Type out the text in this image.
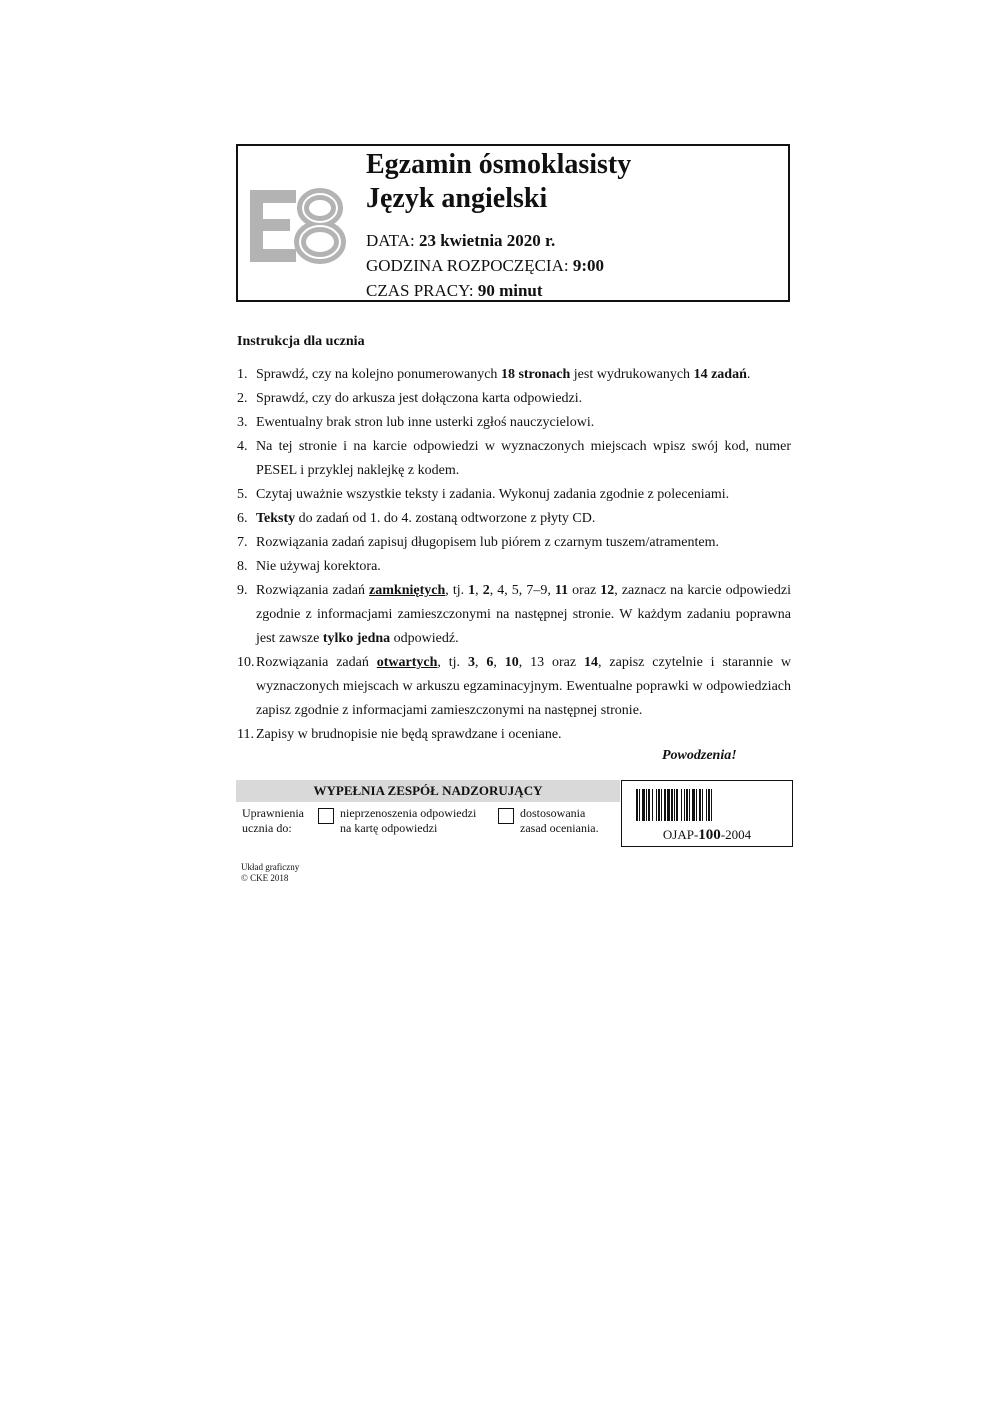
Egzamin ósmoklasisty
Język angielski
DATA: 23 kwietnia 2020 r.
GODZINA ROZPOCZĘCIA: 9:00
CZAS PRACY: 90 minut
Instrukcja dla ucznia
1. Sprawdź, czy na kolejno ponumerowanych 18 stronach jest wydrukowanych 14 zadań.
2. Sprawdź, czy do arkusza jest dołączona karta odpowiedzi.
3. Ewentualny brak stron lub inne usterki zgłoś nauczycielowi.
4. Na tej stronie i na karcie odpowiedzi w wyznaczonych miejscach wpisz swój kod, numer PESEL i przyklej naklejkę z kodem.
5. Czytaj uważnie wszystkie teksty i zadania. Wykonuj zadania zgodnie z poleceniami.
6. Teksty do zadań od 1. do 4. zostaną odtworzone z płyty CD.
7. Rozwiązania zadań zapisuj długopisem lub piórem z czarnym tuszem/atramentem.
8. Nie używaj korektora.
9. Rozwiązania zadań zamkniętych, tj. 1, 2, 4, 5, 7–9, 11 oraz 12, zaznacz na karcie odpowiedzi zgodnie z informacjami zamieszczonymi na następnej stronie. W każdym zadaniu poprawna jest zawsze tylko jedna odpowiedź.
10. Rozwiązania zadań otwartych, tj. 3, 6, 10, 13 oraz 14, zapisz czytelnie i starannie w wyznaczonych miejscach w arkuszu egzaminacyjnym. Ewentualne poprawki w odpowiedziach zapisz zgodnie z informacjami zamieszczonymi na następnej stronie.
11. Zapisy w brudnopisie nie będą sprawdzane i oceniane.
Powodzenia!
WYPEŁNIA ZESPÓŁ NADZORUJĄCY
Uprawnienia
ucznia do:
nieprzenoszenia odpowiedzi
na kartę odpowiedzi
dostosowania
zasad oceniania.	OJAP-100-2004
Układ graficzny
© CKE 2018
